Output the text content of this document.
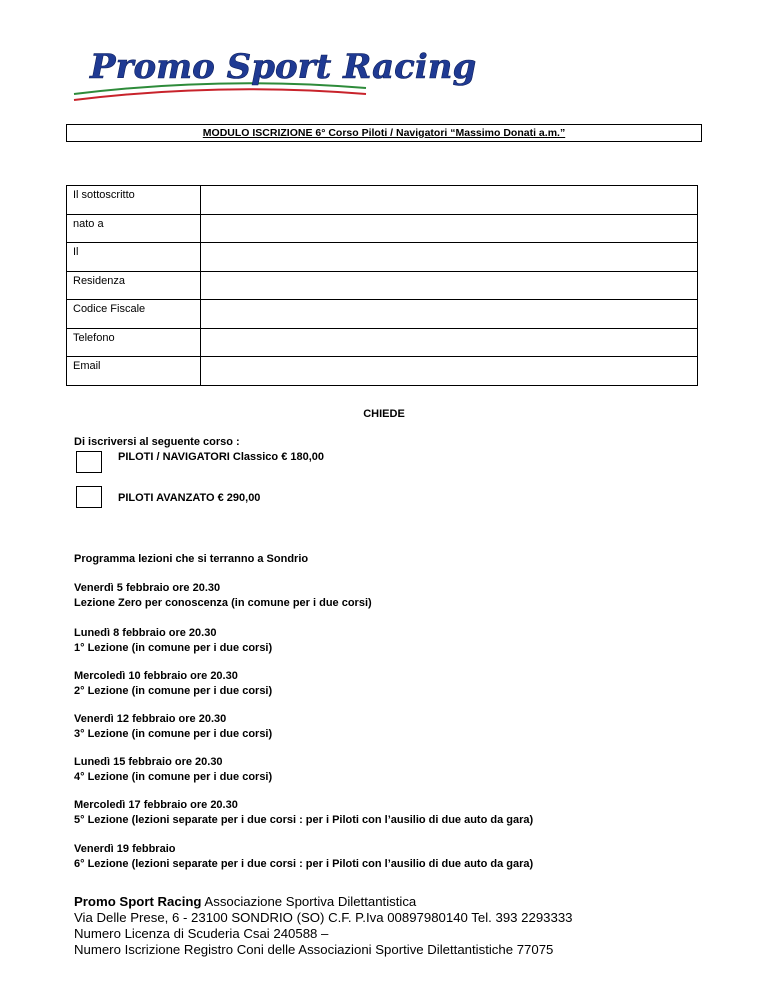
Promo Sport Racing
MODULO ISCRIZIONE 6° Corso Piloti / Navigatori “Massimo Donati a.m.”
Il sottoscritto	
nato a	
Il	
Residenza	
Codice Fiscale	
Telefono	
Email	
CHIEDE
Di iscriversi al seguente corso :
PILOTI / NAVIGATORI Classico € 180,00
PILOTI AVANZATO € 290,00
Programma lezioni che si terranno a Sondrio
Venerdì 5 febbraio ore 20.30
Lezione Zero per conoscenza (in comune per i due corsi)
Lunedì 8 febbraio ore 20.30
1° Lezione (in comune per i due corsi)
Mercoledì 10 febbraio ore 20.30
2° Lezione (in comune per i due corsi)
Venerdì 12 febbraio ore 20.30
3° Lezione (in comune per i due corsi)
Lunedì 15 febbraio ore 20.30
4° Lezione (in comune per i due corsi)
Mercoledì 17 febbraio ore 20.30
5° Lezione (lezioni separate per i due corsi : per i Piloti con l’ausilio di due auto da gara)
Venerdì 19 febbraio
6° Lezione (lezioni separate per i due corsi : per i Piloti con l’ausilio di due auto da gara)
Promo Sport Racing Associazione Sportiva Dilettantistica
Via Delle Prese, 6 - 23100 SONDRIO (SO) C.F. P.Iva 00897980140 Tel. 393 2293333
Numero Licenza di Scuderia Csai 240588 –
Numero Iscrizione Registro Coni delle Associazioni Sportive Dilettantistiche 77075
